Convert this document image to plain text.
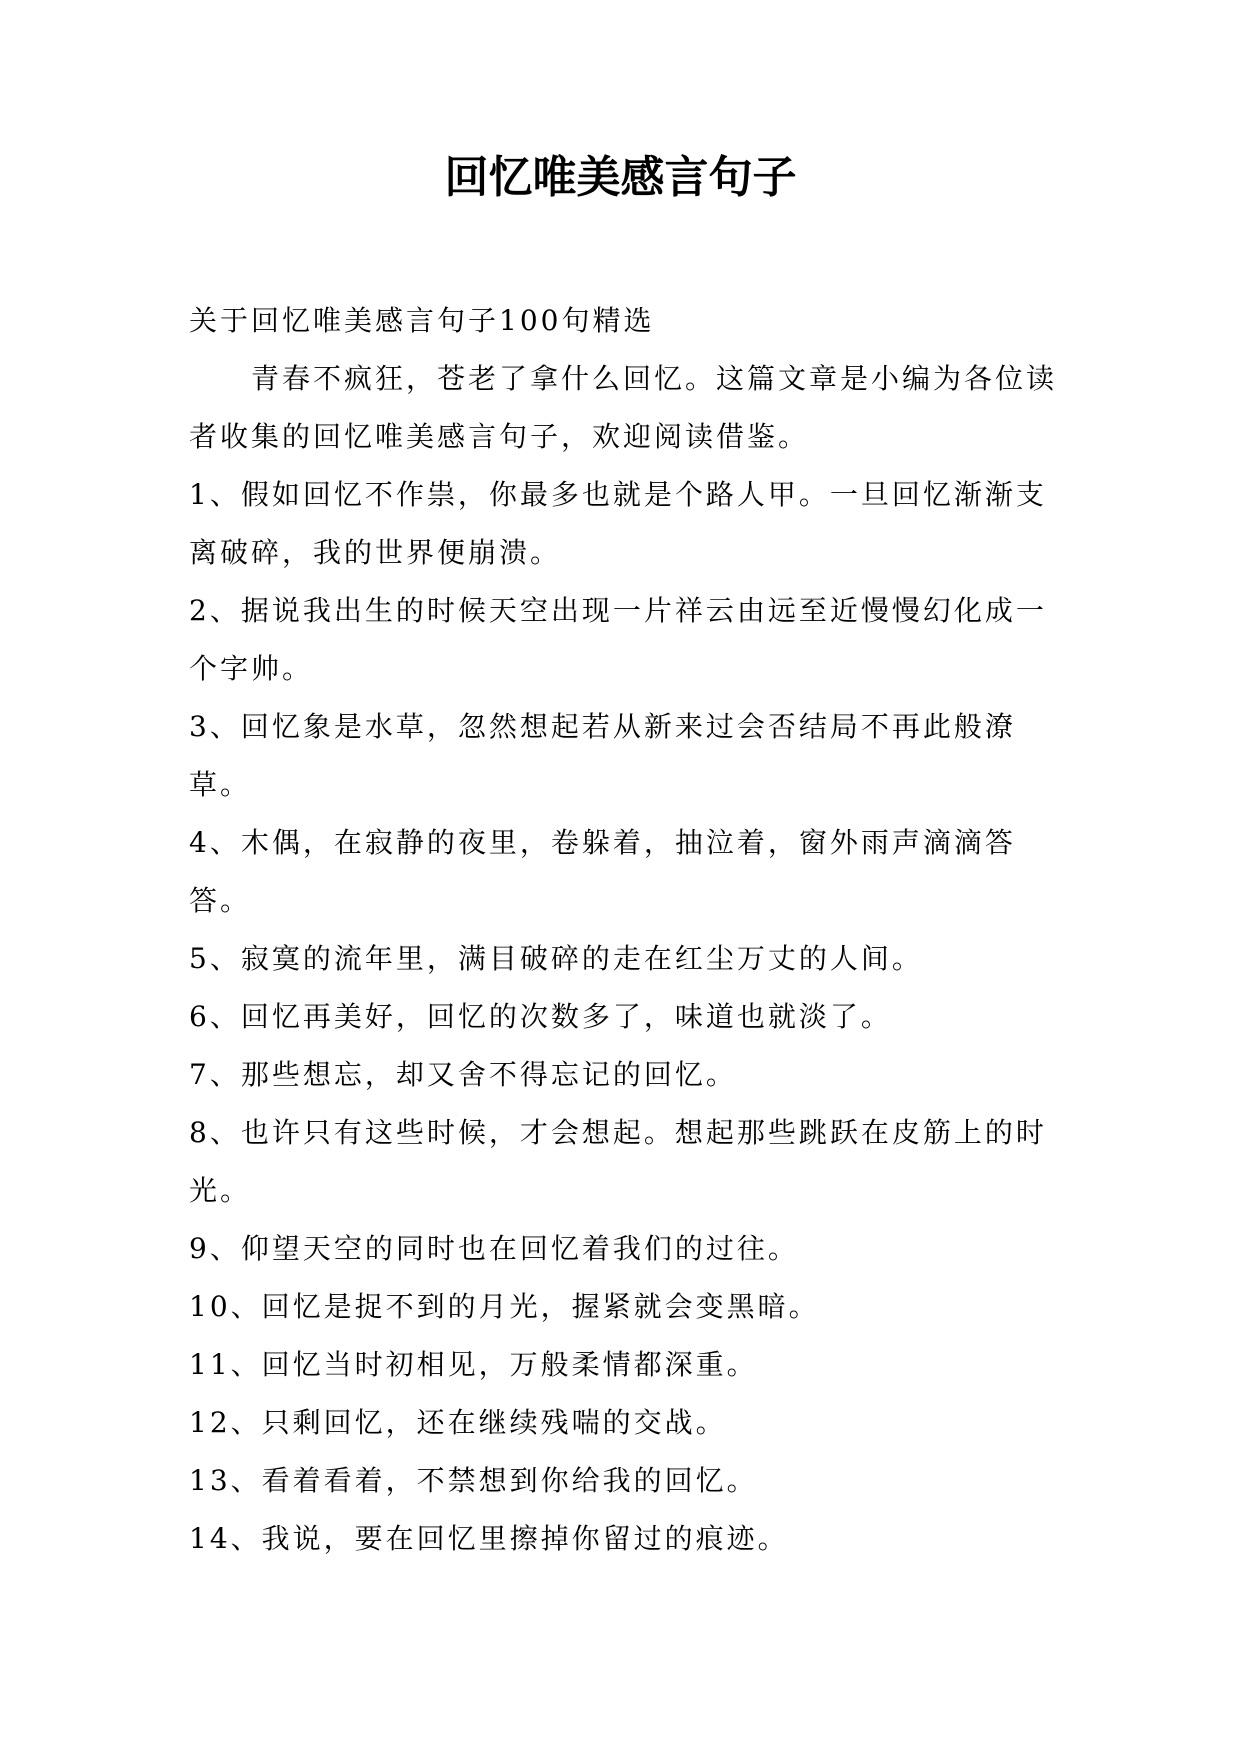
回忆唯美感言句子

关于回忆唯美感言句子100句精选

青春不疯狂，苍老了拿什么回忆。这篇文章是小编为各位读者收集的回忆唯美感言句子，欢迎阅读借鉴。

1、假如回忆不作祟，你最多也就是个路人甲。一旦回忆渐渐支离破碎，我的世界便崩溃。

2、据说我出生的时候天空出现一片祥云由远至近慢慢幻化成一个字帅。

3、回忆象是水草，忽然想起若从新来过会否结局不再此般潦草。

4、木偶，在寂静的夜里，卷躲着，抽泣着，窗外雨声滴滴答答。

5、寂寞的流年里，满目破碎的走在红尘万丈的人间。

6、回忆再美好，回忆的次数多了，味道也就淡了。

7、那些想忘，却又舍不得忘记的回忆。

8、也许只有这些时候，才会想起。想起那些跳跃在皮筋上的时光。

9、仰望天空的同时也在回忆着我们的过往。

10、回忆是捉不到的月光，握紧就会变黑暗。

11、回忆当时初相见，万般柔情都深重。

12、只剩回忆，还在继续残喘的交战。

13、看着看着，不禁想到你给我的回忆。

14、我说，要在回忆里擦掉你留过的痕迹。
